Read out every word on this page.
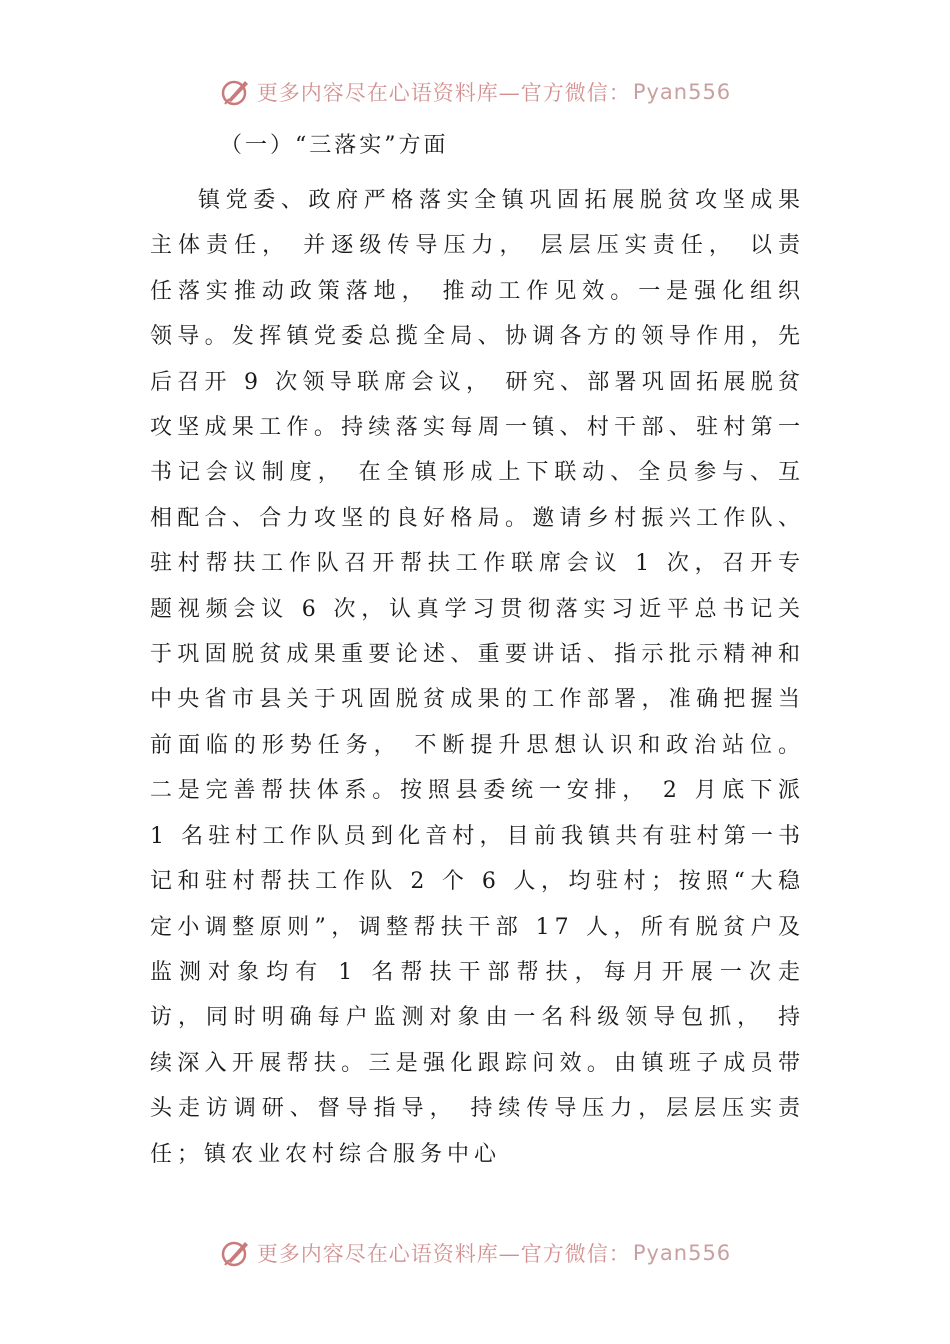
更多内容尽在心语资料库—官方微信： Pyan556
（一）“三落实”方面

镇党委、政府严格落实全镇巩固拓展脱贫攻坚成果主体责任， 并逐级传导压力， 层层压实责任， 以责任落实推动政策落地， 推动工作见效。一是强化组织领导。发挥镇党委总揽全局、协调各方的领导作用，先后召开 9 次领导联席会议， 研究、部署巩固拓展脱贫攻坚成果工作。持续落实每周一镇、村干部、驻村第一书记会议制度， 在全镇形成上下联动、全员参与、互相配合、合力攻坚的良好格局。邀请乡村振兴工作队、驻村帮扶工作队召开帮扶工作联席会议 1 次，召开专题视频会议 6 次，认真学习贯彻落实习近平总书记关于巩固脱贫成果重要论述、重要讲话、指示批示精神和中央省市县关于巩固脱贫成果的工作部署，准确把握当前面临的形势任务， 不断提升思想认识和政治站位。二是完善帮扶体系。按照县委统一安排， 2 月底下派 1 名驻村工作队员到化音村，目前我镇共有驻村第一书记和驻村帮扶工作队 2 个 6 人，均驻村；按照“大稳定小调整原则”，调整帮扶干部 17 人，所有脱贫户及监测对象均有 1 名帮扶干部帮扶，每月开展一次走访，同时明确每户监测对象由一名科级领导包抓， 持续深入开展帮扶。三是强化跟踪问效。由镇班子成员带头走访调研、督导指导， 持续传导压力，层层压实责任；镇农业农村综合服务中心

更多内容尽在心语资料库—官方微信： Pyan556
